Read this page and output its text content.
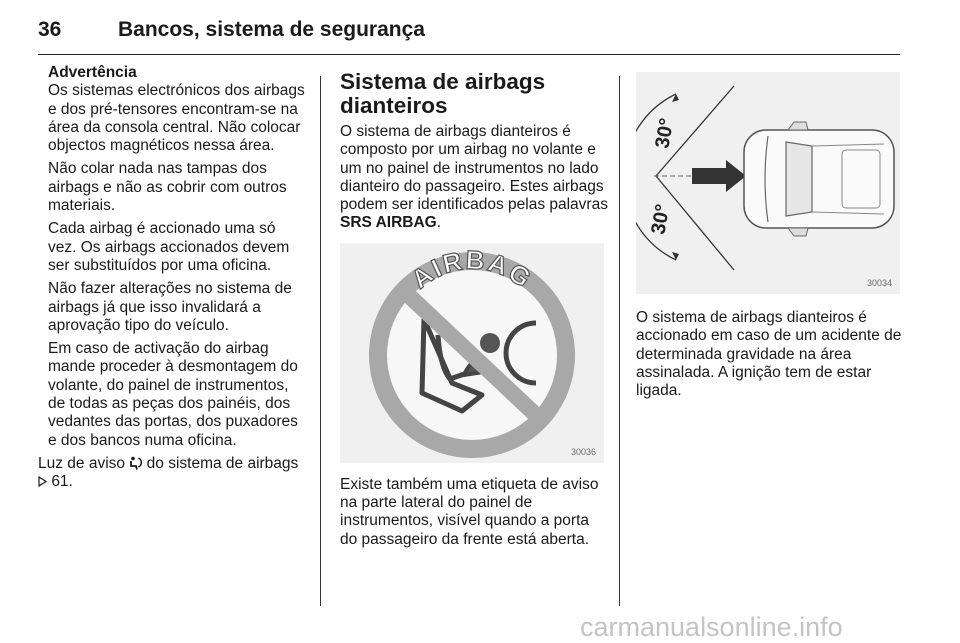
36	Bancos, sistema de segurança
Advertência

Os sistemas electrónicos dos airbags e dos pré-tensores encontram-se na área da consola central. Não colocar objectos magnéticos nessa área.

Não colar nada nas tampas dos airbags e não as cobrir com outros materiais.

Cada airbag é accionado uma só vez. Os airbags accionados devem ser substituídos por uma oficina.

Não fazer alterações no sistema de airbags já que isso invalidará a aprovação tipo do veículo.

Em caso de activação do airbag mande proceder à desmontagem do volante, do painel de instrumentos, de todas as peças dos painéis, dos vedantes das portas, dos puxadores e dos bancos numa oficina.

Luz de aviso do sistema de airbags
61.

Sistema de airbags dianteiros

O sistema de airbags dianteiros é composto por um airbag no volante e um no painel de instrumentos no lado dianteiro do passageiro. Estes airbags podem ser identificados pelas palavras SRS AIRBAG.

AIRBAG
30036

Existe também uma etiqueta de aviso na parte lateral do painel de instrumentos, visível quando a porta do passageiro da frente está aberta.

30°
30°
30034

O sistema de airbags dianteiros é accionado em caso de um acidente de determinada gravidade na área assinalada. A ignição tem de estar ligada.

carmanualsonline.info
